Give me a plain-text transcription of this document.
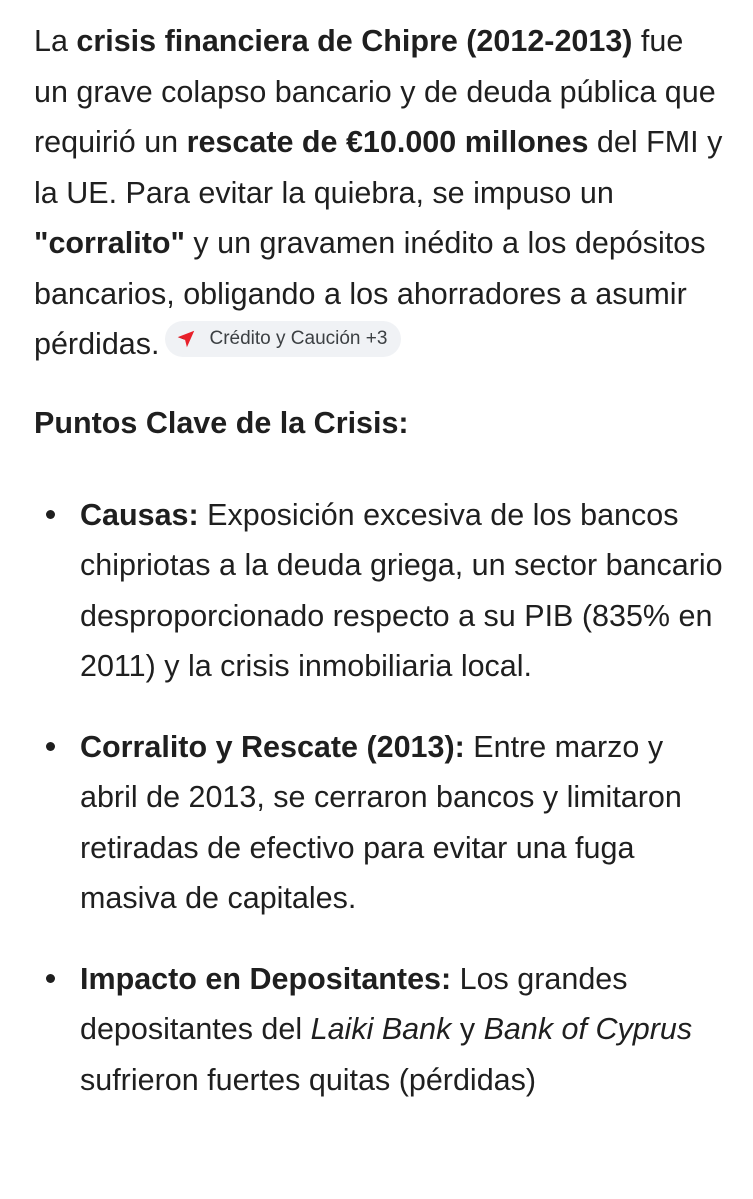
La crisis financiera de Chipre (2012-2013) fue un grave colapso bancario y de deuda pública que requirió un rescate de €10.000 millones del FMI y la UE. Para evitar la quiebra, se impuso un "corralito" y un gravamen inédito a los depósitos bancarios, obligando a los ahorradores a asumir pérdidas.	Crédito y Caución +3

Puntos Clave de la Crisis:
Causas: Exposición excesiva de los bancos chipriotas a la deuda griega, un sector bancario desproporcionado respecto a su PIB (835% en 2011) y la crisis inmobiliaria local.
Corralito y Rescate (2013): Entre marzo y abril de 2013, se cerraron bancos y limitaron retiradas de efectivo para evitar una fuga masiva de capitales.
Impacto en Depositantes: Los grandes depositantes del Laiki Bank y Bank of Cyprus sufrieron fuertes quitas (pérdidas)
